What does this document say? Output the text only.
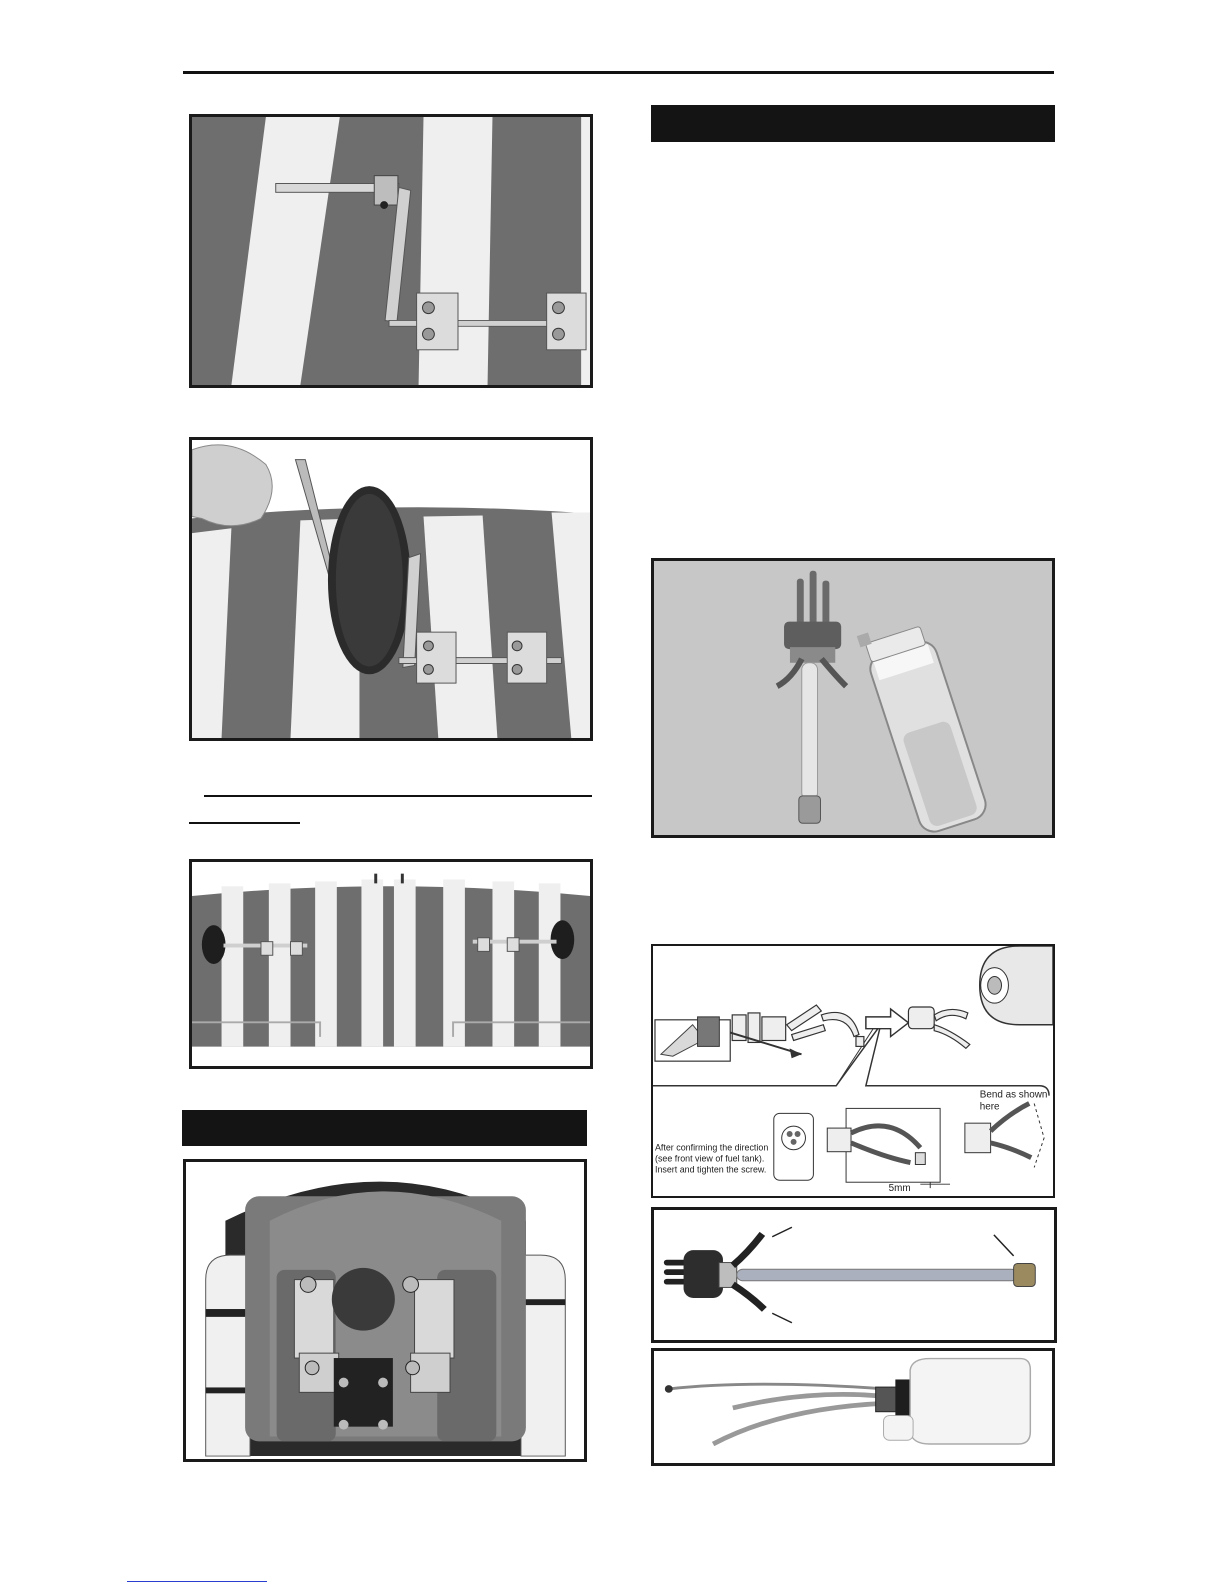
Bend as shown
here
After confirming the direction
(see front view of fuel tank).
Insert and tighten the screw.
5mm
